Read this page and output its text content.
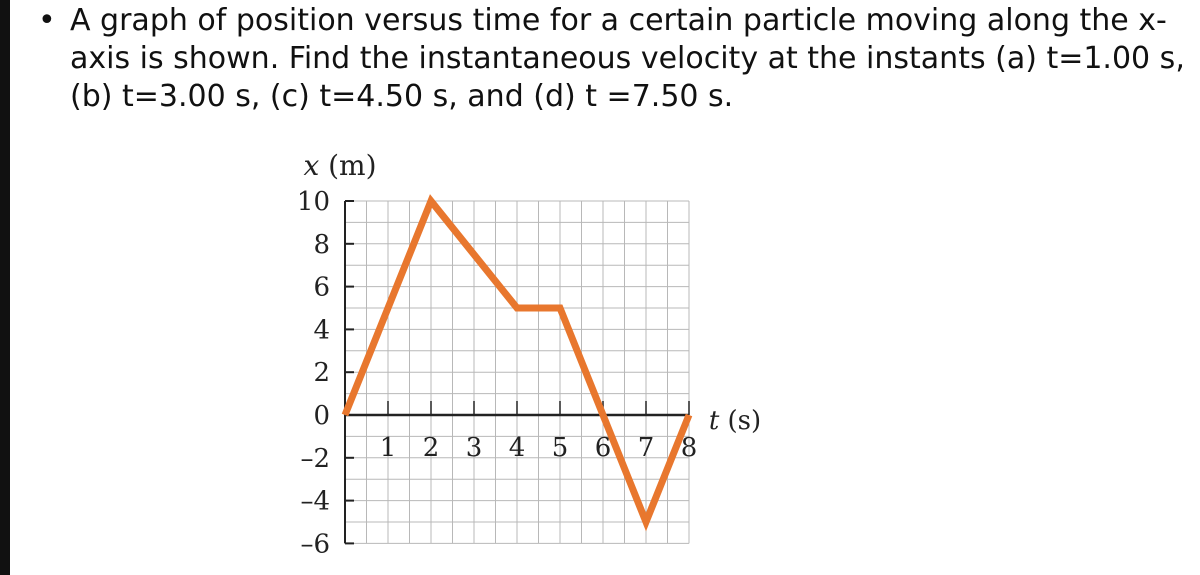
• A graph of position versus time for a certain particle moving along the x-
axis is shown. Find the instantaneous velocity at the instants (a) t=1.00 s,
(b) t=3.00 s, (c) t=4.50 s, and (d) t =7.50 s.
10
8
6
4
2
0
–2
–4
–6
1 2 3 4 5 6 7 8
x (m)
t (s)
